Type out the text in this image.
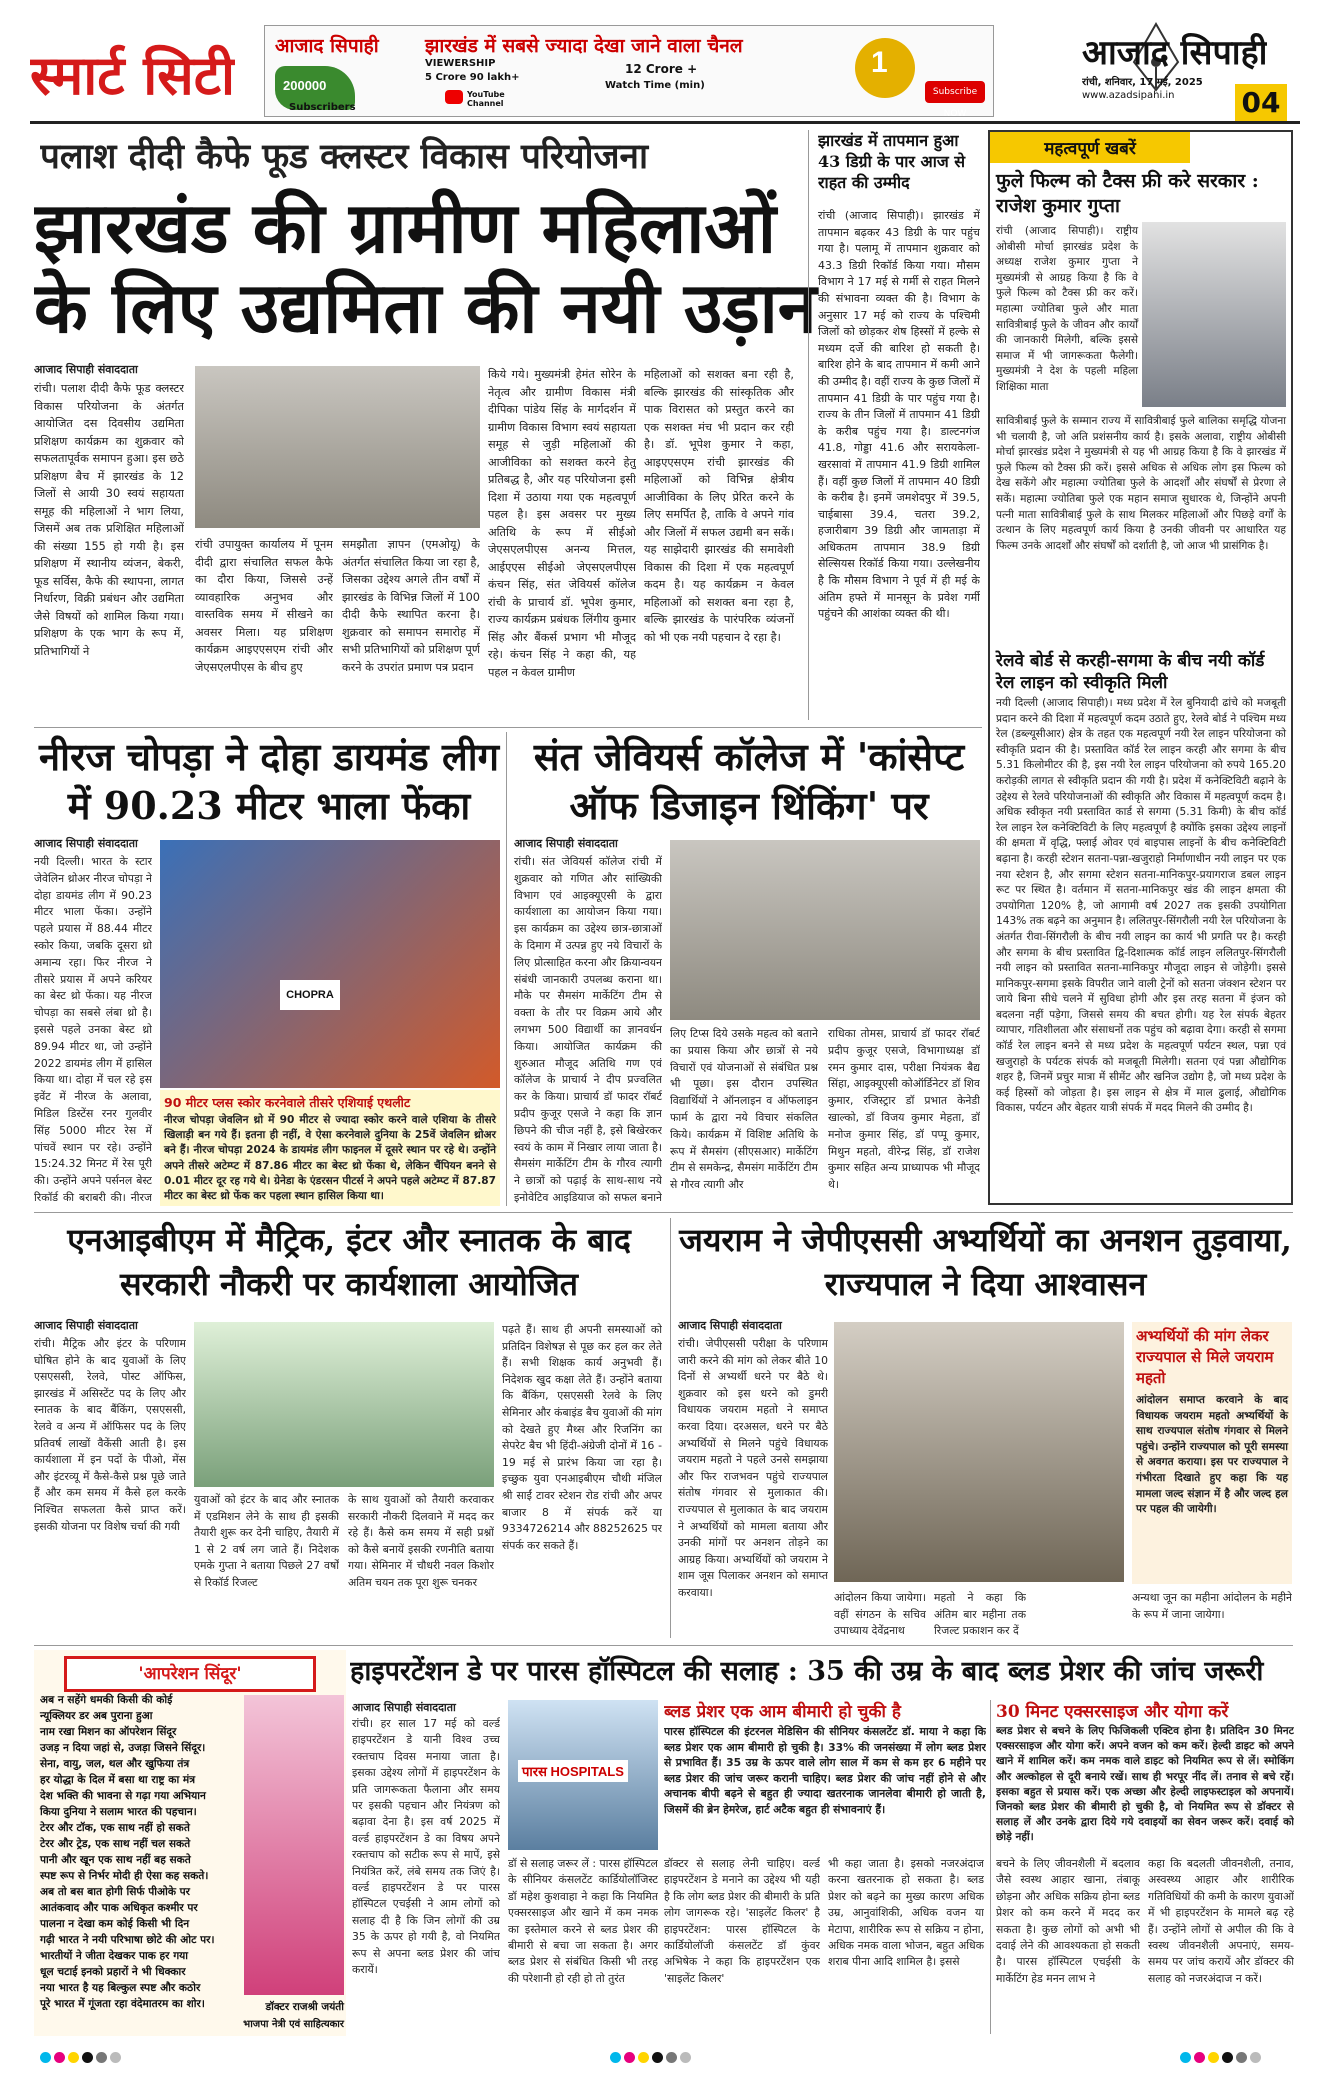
स्मार्ट सिटी आजाद सिपाही झारखंड में सबसे ज्यादा देखा जाने वाला चैनल
200000
Subscribers
VIEWERSHIP
5 Crore 90 lakh+
YouTube Channel
12 Crore +
Watch Time (min)
1
Subscribe NOW
आजाद सिपाही
रांची, शनिवार, 17 मई, 2025
www.azadsipahi.in 04
पलाश दीदी कैफे फूड क्लस्टर विकास परियोजना
झारखंड की ग्रामीण महिलाओं के लिए उद्यमिता की नयी उड़ान
आजाद सिपाही संवाददाता
रांची। पलाश दीदी कैफे फूड क्लस्टर विकास परियोजना के अंतर्गत आयोजित दस दिवसीय उद्यमिता प्रशिक्षण कार्यक्रम का शुक्रवार को सफलतापूर्वक समापन हुआ। इस छठे प्रशिक्षण बैच में झारखंड के 12 जिलों से आयी 30 स्वयं सहायता समूह की महिलाओं ने भाग लिया, जिसमें अब तक प्रशिक्षित महिलाओं की संख्या 155 हो गयी है। इस प्रशिक्षण में स्थानीय व्यंजन, बेकरी, फूड सर्विस, कैफे की स्थापना, लागत निर्धारण, विक्री प्रबंधन और उद्यमिता जैसे विषयों को शामिल किया गया। प्रशिक्षण के एक भाग के रूप में, प्रतिभागियों ने
रांची उपायुक्त कार्यालय में पूनम दीदी द्वारा संचालित सफल कैफे का दौरा किया, जिससे उन्हें व्यावहारिक अनुभव और वास्तविक समय में सीखने का अवसर मिला। यह प्रशिक्षण कार्यक्रम आइएएसएम रांची और जेएसएलपीएस के बीच हुए
समझौता ज्ञापन (एमओयू) के अंतर्गत संचालित किया जा रहा है, जिसका उद्देश्य अगले तीन वर्षों में झारखंड के विभिन्न जिलों में 100 दीदी कैफे स्थापित करना है। शुक्रवार को समापन समारोह में सभी प्रतिभागियों को प्रशिक्षण पूर्ण करने के उपरांत प्रमाण पत्र प्रदान
किये गये। मुख्यमंत्री हेमंत सोरेन के नेतृत्व और ग्रामीण विकास मंत्री दीपिका पांडेय सिंह के मार्गदर्शन में ग्रामीण विकास विभाग स्वयं सहायता समूह से जुड़ी महिलाओं की आजीविका को सशक्त करने हेतु प्रतिबद्ध है, और यह परियोजना इसी दिशा में उठाया गया एक महत्वपूर्ण पहल है। इस अवसर पर मुख्य अतिथि के रूप में सीईओ जेएसएलपीएस अनन्य मित्तल, आईएएस सीईओ जेएसएलपीएस कंचन सिंह, संत जेवियर्स कॉलेज रांची के प्राचार्य डॉ. भूपेश कुमार, राज्य कार्यक्रम प्रबंधक लिंगीय कुमार सिंह और बैंकर्स प्रभाग भी मौजूद रहे। कंचन सिंह ने कहा की, यह पहल न केवल ग्रामीण
महिलाओं को सशक्त बना रही है, बल्कि झारखंड की सांस्कृतिक और पाक विरासत को प्रस्तुत करने का एक सशक्त मंच भी प्रदान कर रही है। डॉ. भूपेश कुमार ने कहा, आइएएसएम रांची झारखंड की महिलाओं को विभिन्न क्षेत्रीय आजीविका के लिए प्रेरित करने के लिए समर्पित है, ताकि वे अपने गांव और जिलों में सफल उद्यमी बन सकें। यह साझेदारी झारखंड की समावेशी विकास की दिशा में एक महत्वपूर्ण कदम है। यह कार्यक्रम न केवल महिलाओं को सशक्त बना रहा है, बल्कि झारखंड के पारंपरिक व्यंजनों को भी एक नयी पहचान दे रहा है।
झारखंड में तापमान हुआ 43 डिग्री के पार आज से राहत की उम्मीद
रांची (आजाद सिपाही)। झारखंड में तापमान बढ़कर 43 डिग्री के पार पहुंच गया है। पलामू में तापमान शुक्रवार को 43.3 डिग्री रिकॉर्ड किया गया। मौसम विभाग ने 17 मई से गर्मी से राहत मिलने की संभावना व्यक्त की है। विभाग के अनुसार 17 मई को राज्य के पश्चिमी जिलों को छोड़कर शेष हिस्सों में हल्के से मध्यम दर्जे की बारिश हो सकती है। बारिश होने के बाद तापमान में कमी आने की उम्मीद है। वहीं राज्य के कुछ जिलों में तापमान 41 डिग्री के पार पहुंच गया है। राज्य के तीन जिलों में तापमान 41 डिग्री के करीब पहुंच गया है। डाल्टनगंज 41.8, गोड्डा 41.6 और सरायकेला-खरसावां में तापमान 41.9 डिग्री शामिल हैं। वहीं कुछ जिलों में तापमान 40 डिग्री के करीब है। इनमें जमशेदपुर में 39.5, चाईबासा 39.4, चतरा 39.2, हजारीबाग 39 डिग्री और जामताड़ा में अधिकतम तापमान 38.9 डिग्री सेल्सियस रिकॉर्ड किया गया। उल्लेखनीय है कि मौसम विभाग ने पूर्व में ही मई के अंतिम हफ्ते में मानसून के प्रवेश गर्मी पहुंचने की आशंका व्यक्त की थी।
महत्वपूर्ण खबरें
फुले फिल्म को टैक्स फ्री करे सरकार : राजेश कुमार गुप्ता
रांची (आजाद सिपाही)। राष्ट्रीय ओबीसी मोर्चा झारखंड प्रदेश के अध्यक्ष राजेश कुमार गुप्ता ने मुख्यमंत्री से आग्रह किया है कि वे फुले फिल्म को टैक्स फ्री कर करें। महात्मा ज्योतिबा फुले और माता सावित्रीबाई फुले के जीवन और कार्यों की जानकारी मिलेगी, बल्कि इससे समाज में भी जागरूकता फैलेगी। मुख्यमंत्री ने देश के पहली महिला शिक्षिका माता
सावित्रीबाई फुले के सम्मान राज्य में सावित्रीबाई फुले बालिका समृद्धि योजना भी चलायी है, जो अति प्रशंसनीय कार्य है। इसके अलावा, राष्ट्रीय ओबीसी मोर्चा झारखंड प्रदेश ने मुख्यमंत्री से यह भी आग्रह किया है कि वे झारखंड में फुले फिल्म को टैक्स फ्री करें। इससे अधिक से अधिक लोग इस फिल्म को देख सकेंगे और महात्मा ज्योतिबा फुले के आदर्शों और संघर्षों से प्रेरणा ले सकें। महात्मा ज्योतिबा फुले एक महान समाज सुधारक थे, जिन्होंने अपनी पत्नी माता सावित्रीबाई फुले के साथ मिलकर महिलाओं और पिछड़े वर्गों के उत्थान के लिए महत्वपूर्ण कार्य किया है उनकी जीवनी पर आधारित यह फिल्म उनके आदर्शों और संघर्षों को दर्शाती है, जो आज भी प्रासंगिक है।
रेलवे बोर्ड से करही-सगमा के बीच नयी कॉर्ड रेल लाइन को स्वीकृति मिली
नयी दिल्ली (आजाद सिपाही)। मध्य प्रदेश में रेल बुनियादी ढांचे को मजबूती प्रदान करने की दिशा में महत्वपूर्ण कदम उठाते हुए, रेलवे बोर्ड ने पश्चिम मध्य रेल (डब्ल्यूसीआर) क्षेत्र के तहत एक महत्वपूर्ण नयी रेल लाइन परियोजना को स्वीकृति प्रदान की है। प्रस्तावित कॉर्ड रेल लाइन करही और सगमा के बीच 5.31 किलोमीटर की है, इस नयी रेल लाइन परियोजना को रुपये 165.20 करोड़की लागत से स्वीकृति प्रदान की गयी है। प्रदेश में कनेक्टिविटी बढ़ाने के उद्देश्य से रेलवे परियोजनाओं की स्वीकृति और विकास में महत्वपूर्ण कदम है। अधिक स्वीकृत नयी प्रस्तावित कार्ड से सगमा (5.31 किमी) के बीच कॉर्ड रेल लाइन रेल कनेक्टिविटी के लिए महत्वपूर्ण है क्योंकि इसका उद्देश्य लाइनों की क्षमता में वृद्धि, फ्लाई ओवर एवं बाइपास लाइनों के बीच कनेक्टिविटी बढ़ाना है। करही स्टेशन सतना-पन्ना-खजुराहो निर्माणाधीन नयी लाइन पर एक नया स्टेशन है, और सगमा स्टेशन सतना-मानिकपुर-प्रयागराज डबल लाइन रूट पर स्थित है। वर्तमान में सतना-मानिकपुर खंड की लाइन क्षमता की उपयोगिता 120% है, जो आगामी वर्ष 2027 तक इसकी उपयोगिता 143% तक बढ़ने का अनुमान है। ललितपुर-सिंगरौली नयी रेल परियोजना के अंतर्गत रीवा-सिंगरौली के बीच नयी लाइन का कार्य भी प्रगति पर है। करही और सगमा के बीच प्रस्तावित द्वि-दिशात्मक कॉर्ड लाइन ललितपुर-सिंगरौली नयी लाइन को प्रस्तावित सतना-मानिकपुर मौजूदा लाइन से जोड़ेगी। इससे मानिकपुर-सगमा इसके विपरीत जाने वाली ट्रेनों को सतना जंक्शन स्टेशन पर जाये बिना सीधे चलने में सुविधा होगी और इस तरह सतना में इंजन को बदलना नहीं पड़ेगा, जिससे समय की बचत होगी। यह रेल संपर्क बेहतर व्यापार, गतिशीलता और संसाधनों तक पहुंच को बढ़ावा देगा। करही से सगमा कॉर्ड रेल लाइन बनने से मध्य प्रदेश के महत्वपूर्ण पर्यटन स्थल, पन्ना एवं खजुराहो के पर्यटक संपर्क को मजबूती मिलेगी। सतना एवं पन्ना औद्योगिक शहर है, जिनमें प्रचुर मात्रा में सीमेंट और खनिज उद्योग है, जो मध्य प्रदेश के कई हिस्सों को जोड़ता है। इस लाइन से क्षेत्र में माल ढुलाई, औद्योगिक विकास, पर्यटन और बेहतर यात्री संपर्क में मदद मिलने की उम्मीद है।
नीरज चोपड़ा ने दोहा डायमंड लीग में 90.23 मीटर भाला फेंका
आजाद सिपाही संवाददाता
नयी दिल्ली। भारत के स्टार जेवेलिन थ्रोअर नीरज चोपड़ा ने दोहा डायमंड लीग में 90.23 मीटर भाला फेंका। उन्होंने पहले प्रयास में 88.44 मीटर स्कोर किया, जबकि दूसरा थ्रो अमान्य रहा। फिर नीरज ने तीसरे प्रयास में अपने करियर का बेस्ट थ्रो फेंका। यह नीरज चोपड़ा का सबसे लंबा थ्रो है। इससे पहले उनका बेस्ट थ्रो 89.94 मीटर था, जो उन्होंने 2022 डायमंड लीग में हासिल किया था। दोहा में चल रहे इस इवेंट में नीरज के अलावा, मिडिल डिस्टेंस रनर गुलवीर सिंह 5000 मीटर रेस में पांचवें स्थान पर रहे। उन्होंने 15:24.32 मिनट में रेस पूरी की। उन्होंने अपने पर्सनल बेस्ट रिकॉर्ड की बराबरी की। नीरज
CHOPRA
90 मीटर प्लस स्कोर करनेवाले तीसरे एशियाई एथलीट
नीरज चोपड़ा जेवलिन थ्रो में 90 मीटर से ज्यादा स्कोर करने वाले एशिया के तीसरे खिलाड़ी बन गये हैं। इतना ही नहीं, वे ऐसा करनेवाले दुनिया के 25वें जेवलिन थ्रोअर बने हैं। नीरज चोपड़ा 2024 के डायमंड लीग फाइनल में दूसरे स्थान पर रहे थे। उन्होंने अपने तीसरे अटेम्प्ट में 87.86 मीटर का बेस्ट थ्रो फेंका थे, लेकिन चैंपियन बनने से 0.01 मीटर दूर रह गये थे। ग्रेनेडा के एंडरसन पीटर्स ने अपने पहले अटेम्प्ट में 87.87 मीटर का बेस्ट थ्रो फेंक कर पहला स्थान हासिल किया था।
संत जेवियर्स कॉलेज में 'कांसेप्ट ऑफ डिजाइन थिंकिंग' पर
आजाद सिपाही संवाददाता
रांची। संत जेवियर्स कॉलेज रांची में शुक्रवार को गणित और सांख्यिकी विभाग एवं आइक्यूएसी के द्वारा कार्यशाला का आयोजन किया गया। इस कार्यक्रम का उद्देश्य छात्र-छात्राओं के दिमाग में उत्पन्न हुए नये विचारों के लिए प्रोत्साहित करना और क्रियान्वयन संबंधी जानकारी उपलब्ध कराना था। मौके पर सैमसंग मार्केटिंग टीम से वक्ता के तौर पर विक्रम आये और लगभग 500 विद्यार्थी का ज्ञानवर्धन किया। आयोजित कार्यक्रम की शुरुआत मौजूद अतिथि गण एवं कॉलेज के प्राचार्य ने दीप प्रज्वलित कर के किया। प्राचार्य डॉ फादर रॉबर्ट प्रदीप कुजूर एसजे ने कहा कि ज्ञान छिपने की चीज नहीं है, इसे बिखेरकर स्वयं के काम में निखार लाया जाता है। सैमसंग मार्केटिंग टीम के गौरव त्यागी ने छात्रों को पढ़ाई के साथ-साथ नये इनोवेटिव आइडियाज को सफल बनाने
लिए टिप्स दिये उसके महत्व को बताने का प्रयास किया और छात्रों से नये विचारों एवं योजनाओं से संबंधित प्रश्न भी पूछा। इस दौरान उपस्थित विद्यार्थियों ने ऑनलाइन व ऑफलाइन फार्म के द्वारा नये विचार संकलित किये। कार्यक्रम में विशिष्ट अतिथि के रूप में सैमसंग (सीएसआर) मार्केटिंग टीम से समकेन्द्र, सैमसंग मार्केटिंग टीम से गौरव त्यागी और
राधिका तोमस, प्राचार्य डॉ फादर रॉबर्ट प्रदीप कुजूर एसजे, विभागाध्यक्ष डॉ रमन कुमार दास, परीक्षा नियंत्रक बैद्य सिंहा, आइक्यूएसी कोऑर्डिनेटर डॉ शिव कुमार, रजिस्ट्रार डॉ प्रभात केनेडी खाल्को, डॉ विजय कुमार मेहता, डॉ मनोज कुमार सिंह, डॉ पप्पू कुमार, मिथुन महतो, वीरेन्द्र सिंह, डॉ राजेश कुमार सहित अन्य प्राध्यापक भी मौजूद थे।
एनआइबीएम में मैट्रिक, इंटर और स्नातक के बाद सरकारी नौकरी पर कार्यशाला आयोजित
आजाद सिपाही संवाददाता
रांची। मैट्रिक और इंटर के परिणाम घोषित होने के बाद युवाओं के लिए एसएससी, रेलवे, पोस्ट ऑफिस, झारखंड में असिस्टेंट पद के लिए और स्नातक के बाद बैंकिंग, एसएससी, रेलवे व अन्य में ऑफिसर पद के लिए प्रतिवर्ष लाखों वैकेंसी आती है। इस कार्यशाला में इन पदों के पीओ, मेंस और इंटरव्यू में कैसे-कैसे प्रश्न पूछे जाते हैं और कम समय में कैसे हल करके निश्चित सफलता कैसे प्राप्त करें। इसकी योजना पर विशेष चर्चा की गयी
युवाओं को इंटर के बाद और स्नातक में एडमिशन लेने के साथ ही इसकी तैयारी शुरू कर देनी चाहिए, तैयारी में 1 से 2 वर्ष लग जाते हैं। निदेशक एमके गुप्ता ने बताया पिछले 27 वर्षों से रिकॉर्ड रिजल्ट
के साथ युवाओं को तैयारी करवाकर सरकारी नौकरी दिलवाने में मदद कर रहे हैं। कैसे कम समय में सही प्रश्नों को कैसे बनायें इसकी रणनीति बताया गया। सेमिनार में चौधरी नवल किशोर अतिम चयन तक पूरा शुरू चनकर
पढ़ते हैं। साथ ही अपनी समस्याओं को प्रतिदिन विशेषज्ञ से पूछ कर हल कर लेते हैं। सभी शिक्षक कार्य अनुभवी हैं। निदेशक खुद कक्षा लेते हैं। उन्होंने बताया कि बैंकिंग, एसएससी रेलवे के लिए सेमिनार और कंबाइंड बैच युवाओं की मांग को देखते हुए मैथ्स और रिजनिंग का सेपरेट बैच भी हिंदी-अंग्रेजी दोनों में 16 - 19 मई से प्रारंभ किया जा रहा है। इच्छुक युवा एनआइबीएम चौथी मंजिल श्री साईं टावर स्टेशन रोड रांची और अपर बाजार 8 में संपर्क करें या 9334726214 और 88252625 पर संपर्क कर सकते हैं।
जयराम ने जेपीएससी अभ्यर्थियों का अनशन तुड़वाया, राज्यपाल ने दिया आश्वासन
आजाद सिपाही संवाददाता
रांची। जेपीएससी परीक्षा के परिणाम जारी करने की मांग को लेकर बीते 10 दिनों से अभ्यर्थी धरने पर बैठे थे। शुक्रवार को इस धरने को डुमरी विधायक जयराम महतो ने समाप्त करवा दिया। दरअसल, धरने पर बैठे अभ्यर्थियों से मिलने पहुंचे विधायक जयराम महतो ने पहले उनसे समझाया और फिर राजभवन पहुंचे राज्यपाल संतोष गंगवार से मुलाकात की। राज्यपाल से मुलाकात के बाद जयराम ने अभ्यर्थियों को मामला बताया और उनकी मांगों पर अनशन तोड़ने का आग्रह किया। अभ्यर्थियों को जयराम ने शाम जूस पिलाकर अनशन को समाप्त करवाया।	आंदोलन किया जायेगा। वहीं संगठन के सचिव उपाध्याय देवेंद्रनाथ
महतो ने कहा कि अंतिम बार महीना तक रिजल्ट प्रकाशन कर दें
अन्यथा जून का महीना आंदोलन के महीने के रूप में जाना जायेगा।
अभ्यर्थियों की मांग लेकर राज्यपाल से मिले जयराम महतो
आंदोलन समाप्त करवाने के बाद विधायक जयराम महतो अभ्यर्थियों के साथ राज्यपाल संतोष गंगवार से मिलने पहुंचे। उन्होंने राज्यपाल को पूरी समस्या से अवगत कराया। इस पर राज्यपाल ने गंभीरता दिखाते हुए कहा कि यह मामला जल्द संज्ञान में है और जल्द हल पर पहल की जायेगी।
'आपरेशन सिंदूर'
अब न सहेंगे धमकी किसी की कोई
न्यूक्लियर डर अब पुराना हुआ
नाम रखा मिशन का ऑपरेशन सिंदूर
उजड़ न दिया जहां से, उजड़ा जिसने सिंदूर।
सेना, वायु, जल, थल और खुफिया तंत्र
हर योद्धा के दिल में बसा था राष्ट्र का मंत्र
देश भक्ति की भावना से गढ़ा गया अभियान
किया दुनिया ने सलाम भारत की पहचान।
टेरर और टॉक, एक साथ नहीं हो सकते
टेरर और ट्रेड, एक साथ नहीं चल सकते
पानी और खून एक साथ नहीं बह सकते
स्पष्ट रूप से निर्भर मोदी ही ऐसा कह सकते।
अब तो बस बात होगी सिर्फ पीओके पर
आतंकवाद और पाक अधिकृत कश्मीर पर
पालना न देखा कम कोई किसी भी दिन
गढ़ी भारत ने नयी परिभाषा छोटे की ओट पर।
भारतीयों ने जीता देखकर पाक हर गया
धूल चटाई इनको प्रहारों ने भी धिक्कार
नया भारत है यह बिल्कुल स्पष्ट और कठोर
पूरे भारत में गूंजता रहा वंदेमातरम का शोर।	डॉक्टर राजश्री जयंती
भाजपा नेत्री एवं साहित्यकार
हाइपरटेंशन डे पर पारस हॉस्पिटल की सलाह : 35 की उम्र के बाद ब्लड प्रेशर की जांच जरूरी
आजाद सिपाही संवाददाता
रांची। हर साल 17 मई को वर्ल्ड हाइपरटेंशन डे यानी विश्व उच्च रक्तचाप दिवस मनाया जाता है। इसका उद्देश्य लोगों में हाइपरटेंशन के प्रति जागरूकता फैलाना और समय पर इसकी पहचान और नियंत्रण को बढ़ावा देना है। इस वर्ष 2025 में वर्ल्ड हाइपरटेंशन डे का विषय अपने रक्तचाप को सटीक रूप से मापें, इसे नियंत्रित करें, लंबे समय तक जिएं है। वर्ल्ड हाइपरटेंशन डे पर पारस हॉस्पिटल एचईसी ने आम लोगों को सलाह दी है कि जिन लोगों की उम्र 35 के ऊपर हो गयी है, वो नियमित रूप से अपना ब्लड प्रेशर की जांच करायें।
पारस HOSPITALS
ब्लड प्रेशर एक आम बीमारी हो चुकी है
पारस हॉस्पिटल की इंटरनल मेडिसिन की सीनियर कंसलटेंट डॉ. माया ने कहा कि ब्लड प्रेशर एक आम बीमारी हो चुकी है। 33% की जनसंख्या में लोग ब्लड प्रेशर से प्रभावित हैं। 35 उम्र के ऊपर वाले लोग साल में कम से कम हर 6 महीने पर ब्लड प्रेशर की जांच जरूर करानी चाहिए। ब्लड प्रेशर की जांच नहीं होने से और अचानक बीपी बढ़ने से बहुत ही ज्यादा खतरनाक जानलेवा बीमारी हो जाती है, जिसमें की ब्रेन हेमरेज, हार्ट अटैक बहुत ही संभावनाएं हैं।
डॉ से सलाह जरूर लें : पारस हॉस्पिटल के सीनियर कंसलटेंट कार्डियोलॉजिस्ट डॉ महेश कुशवाहा ने कहा कि नियमित एक्सरसाइज और खाने में कम नमक का इस्तेमाल करने से ब्लड प्रेशर की बीमारी से बचा जा सकता है। अगर ब्लड प्रेशर से संबंधित किसी भी तरह की परेशानी हो रही हो तो तुरंत
डॉक्टर से सलाह लेनी चाहिए। वर्ल्ड हाइपरटेंशन डे मनाने का उद्देश्य भी यही है कि लोग ब्लड प्रेशर की बीमारी के प्रति लोग जागरूक रहे। 'साइलेंट किलर' है हाइपरटेंशन: पारस हॉस्पिटल के कार्डियोलॉजी कंसलटेंट डॉ कुंवर अभिषेक ने कहा कि हाइपरटेंशन एक 'साइलेंट किलर'
भी कहा जाता है। इसको नजरअंदाज करना खतरनाक हो सकता है। ब्लड प्रेशर को बढ़ने का मुख्य कारण अधिक उम्र, आनुवांशिकी, अधिक वजन या मेटापा, शारीरिक रूप से सक्रिय न होना, अधिक नमक वाला भोजन, बहुत अधिक शराब पीना आदि शामिल है। इससे
30 मिनट एक्सरसाइज और योगा करें
ब्लड प्रेशर से बचने के लिए फिजिकली एक्टिव होना है। प्रतिदिन 30 मिनट एक्सरसाइज और योगा करें। अपने वजन को कम करें। हेल्दी डाइट को अपने खाने में शामिल करें। कम नमक वाले डाइट को नियमित रूप से लें। स्मोकिंग और अल्कोहल से दूरी बनाये रखें। साथ ही भरपूर नींद लें। तनाव से बचे रहें। इसका बहुत से प्रयास करें। एक अच्छा और हेल्दी लाइफस्टाइल को अपनायें। जिनको ब्लड प्रेशर की बीमारी हो चुकी है, वो नियमित रूप से डॉक्टर से सलाह लें और उनके द्वारा दिये गये दवाइयों का सेवन जरूर करें। दवाई को छोड़े नहीं।
बचने के लिए जीवनशैली में बदलाव जैसे स्वस्थ आहार खाना, तंबाकू छोड़ना और अधिक सक्रिय होना ब्लड प्रेशर को कम करने में मदद कर सकता है। कुछ लोगों को अभी भी दवाई लेने की आवश्यकता हो सकती है। पारस हॉस्पिटल एचईसी के मार्केटिंग हेड मनन लाभ ने
कहा कि बदलती जीवनशैली, तनाव, अस्वस्थ्य आहार और शारीरिक गतिविधियों की कमी के कारण युवाओं में भी हाइपरटेंशन के मामले बढ़ रहे हैं। उन्होंने लोगों से अपील की कि वे स्वस्थ जीवनशैली अपनाएं, समय-समय पर जांच करायें और डॉक्टर की सलाह को नजरअंदाज न करें।
